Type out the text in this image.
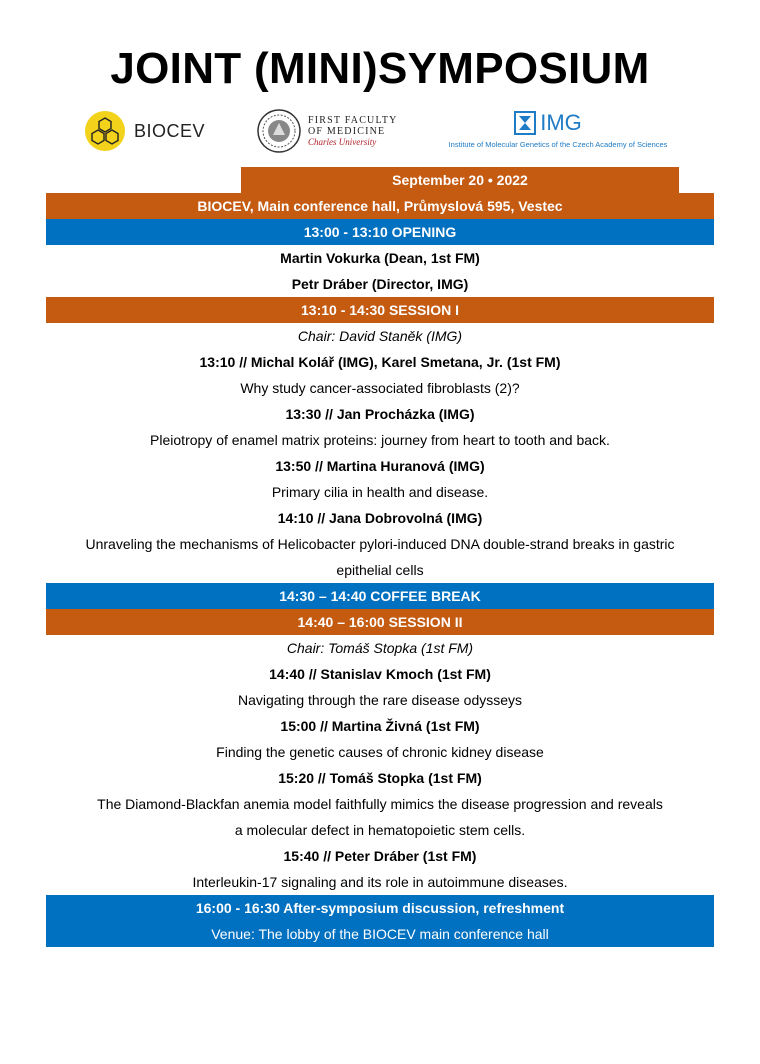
JOINT (MINI)SYMPOSIUM
BIOCEV
FIRST FACULTY
OF MEDICINE
Charles University
IMG
Institute of Molecular Genetics of the Czech Academy of Sciences
September 20 • 2022
BIOCEV, Main conference hall, Průmyslová 595, Vestec
13:00 - 13:10 OPENING
Martin Vokurka (Dean, 1st FM)
Petr Dráber (Director, IMG)
13:10 - 14:30 SESSION I
Chair: David Staněk (IMG)
13:10 // Michal Kolář (IMG), Karel Smetana, Jr. (1st FM)
Why study cancer-associated fibroblasts (2)?
13:30 // Jan Procházka (IMG)
Pleiotropy of enamel matrix proteins: journey from heart to tooth and back.
13:50 // Martina Huranová (IMG)
Primary cilia in health and disease.
14:10 // Jana Dobrovolná (IMG)
Unraveling the mechanisms of Helicobacter pylori-induced DNA double-strand breaks in gastric
epithelial cells
14:30 – 14:40 COFFEE BREAK
14:40 – 16:00 SESSION II
Chair: Tomáš Stopka (1st FM)
14:40 // Stanislav Kmoch (1st FM)
Navigating through the rare disease odysseys
15:00 // Martina Živná (1st FM)
Finding the genetic causes of chronic kidney disease
15:20 // Tomáš Stopka (1st FM)
The Diamond-Blackfan anemia model faithfully mimics the disease progression and reveals
a molecular defect in hematopoietic stem cells.
15:40 // Peter Dráber (1st FM)
Interleukin-17 signaling and its role in autoimmune diseases.
16:00 - 16:30 After-symposium discussion, refreshment
Venue: The lobby of the BIOCEV main conference hall
